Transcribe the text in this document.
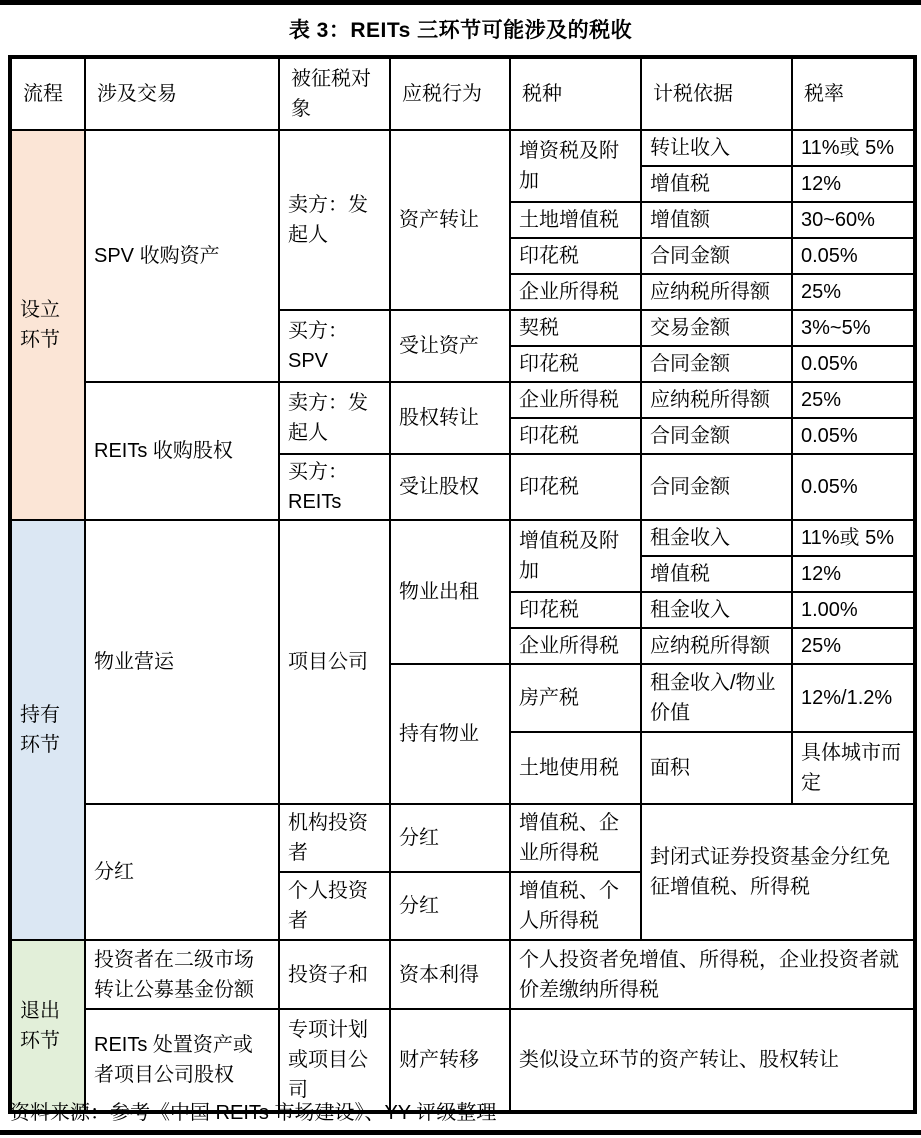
表 3：REITs 三环节可能涉及的税收
流程	涉及交易	被征税对象	应税行为	税种	计税依据	税率
设立环节	SPV 收购资产	卖方：发起人	资产转让	增资税及附加	转让收入	11%或 5%
					增值税	12%
				土地增值税	增值额	30~60%
				印花税	合同金额	0.05%
				企业所得税	应纳税所得额	25%
		买方：SPV	受让资产	契税	交易金额	3%~5%
				印花税	合同金额	0.05%
	REITs 收购股权	卖方：发起人	股权转让	企业所得税	应纳税所得额	25%
				印花税	合同金额	0.05%
		买方：REITs	受让股权	印花税	合同金额	0.05%
持有环节	物业营运	项目公司	物业出租	增值税及附加	租金收入	11%或 5%
					增值税	12%
				印花税	租金收入	1.00%
				企业所得税	应纳税所得额	25%
			持有物业	房产税	租金收入/物业价值	12%/1.2%
				土地使用税	面积	具体城市而定
	分红	机构投资者	分红	增值税、企业所得税	封闭式证券投资基金分红免征增值税、所得税	
		个人投资者	分红	增值税、个人所得税		
退出环节	投资者在二级市场转让公募基金份额	投资子和	资本利得	个人投资者免增值、所得税，企业投资者就价差缴纳所得税		
	REITs 处置资产或者项目公司股权	专项计划或项目公司	财产转移	类似设立环节的资产转让、股权转让		
资料来源：参考《中国 REITs 市场建设》、YY 评级整理
